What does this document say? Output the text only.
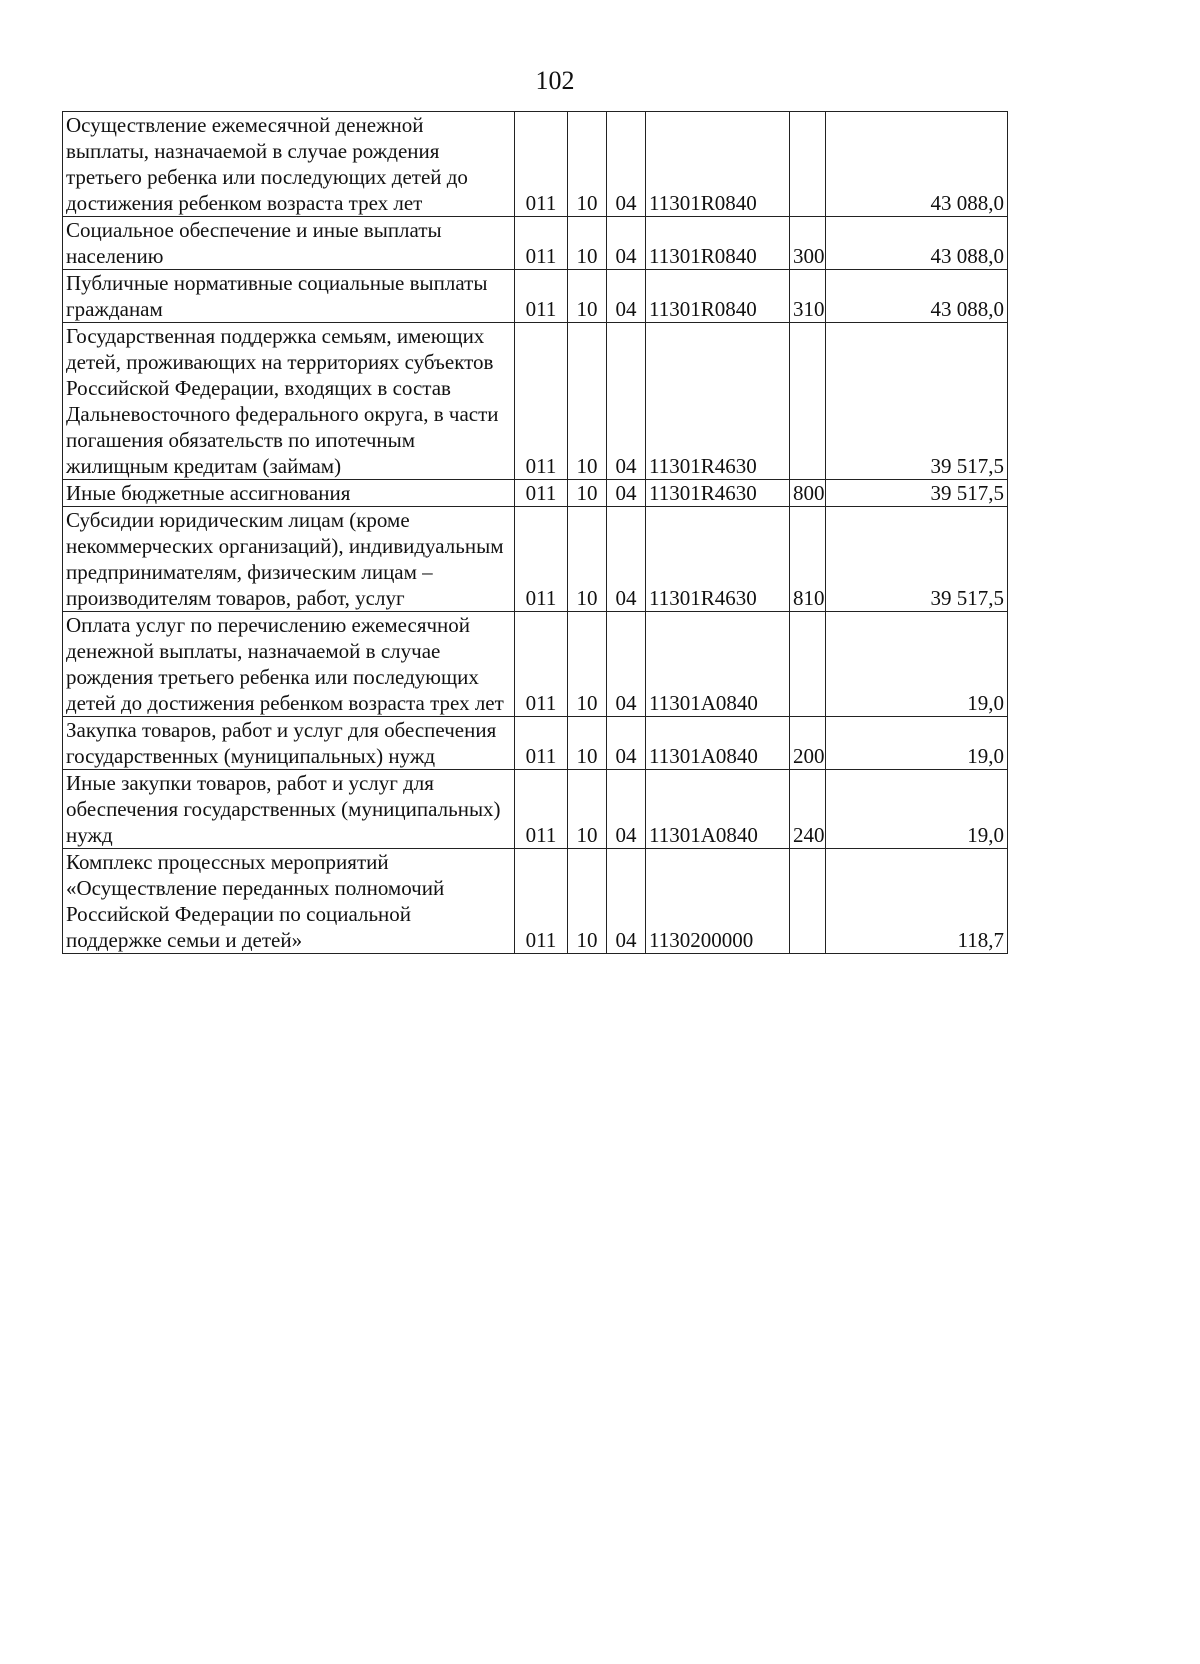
102
Осуществление ежемесячной денежной выплаты, назначаемой в случае рождения третьего ребенка или последующих детей до достижения ребенком возраста трех лет	011	10	04	11301R0840		43 088,0
Социальное обеспечение и иные выплаты населению	011	10	04	11301R0840	300	43 088,0
Публичные нормативные социальные выплаты гражданам	011	10	04	11301R0840	310	43 088,0
Государственная поддержка семьям, имеющих детей, проживающих на территориях субъектов Российской Федерации, входящих в состав Дальневосточного федерального округа, в части погашения обязательств по ипотечным жилищным кредитам (займам)	011	10	04	11301R4630		39 517,5
Иные бюджетные ассигнования	011	10	04	11301R4630	800	39 517,5
Субсидии юридическим лицам (кроме некоммерческих организаций), индивидуальным предпринимателям, физическим лицам – производителям товаров, работ, услуг	011	10	04	11301R4630	810	39 517,5
Оплата услуг по перечислению ежемесячной денежной выплаты, назначаемой в случае рождения третьего ребенка или последующих детей до достижения ребенком возраста трех лет	011	10	04	11301A0840		19,0
Закупка товаров, работ и услуг для обеспечения государственных (муниципальных) нужд	011	10	04	11301A0840	200	19,0
Иные закупки товаров, работ и услуг для обеспечения государственных (муниципальных) нужд	011	10	04	11301A0840	240	19,0
Комплекс процессных мероприятий «Осуществление переданных полномочий Российской Федерации по социальной поддержке семьи и детей»	011	10	04	1130200000		118,7
